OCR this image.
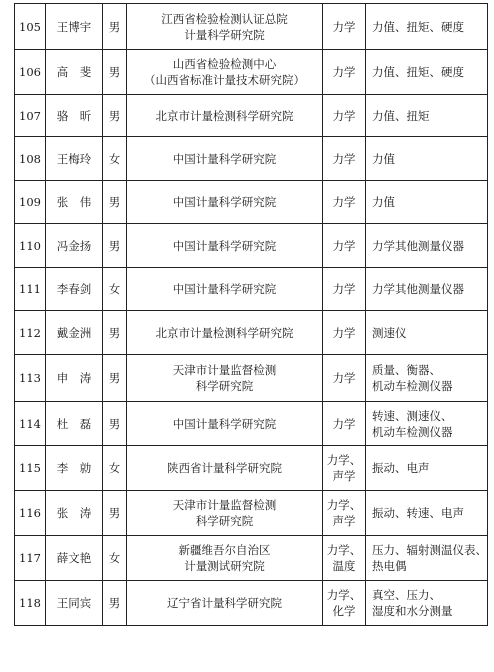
105	王博宇	男	江西省检验检测认证总院
计量科学研究院	力学	力值、扭矩、硬度

106	高　斐	男	山西省检验检测中心
（山西省标准计量技术研究院）	力学	力值、扭矩、硬度

107	骆　昕	男	北京市计量检测科学研究院	力学	力值、扭矩

108	王梅玲	女	中国计量科学研究院	力学	力值

109	张　伟	男	中国计量科学研究院	力学	力值

110	冯金扬	男	中国计量科学研究院	力学	力学其他测量仪器

111	李春剑	女	中国计量科学研究院	力学	力学其他测量仪器

112	戴金洲	男	北京市计量检测科学研究院	力学	测速仪

113	申　涛	男	天津市计量监督检测
科学研究院	力学	质量、衡器、
机动车检测仪器

114	杜　磊	男	中国计量科学研究院	力学	转速、测速仪、
机动车检测仪器

115	李　勍	女	陕西省计量科学研究院	力学、
声学	振动、电声

116	张　涛	男	天津市计量监督检测
科学研究院	力学、
声学	振动、转速、电声

117	薛文艳	女	新疆维吾尔自治区
计量测试研究院	力学、
温度	压力、辐射测温仪表、
热电偶

118	王同宾	男	辽宁省计量科学研究院	力学、
化学	真空、压力、
湿度和水分测量
